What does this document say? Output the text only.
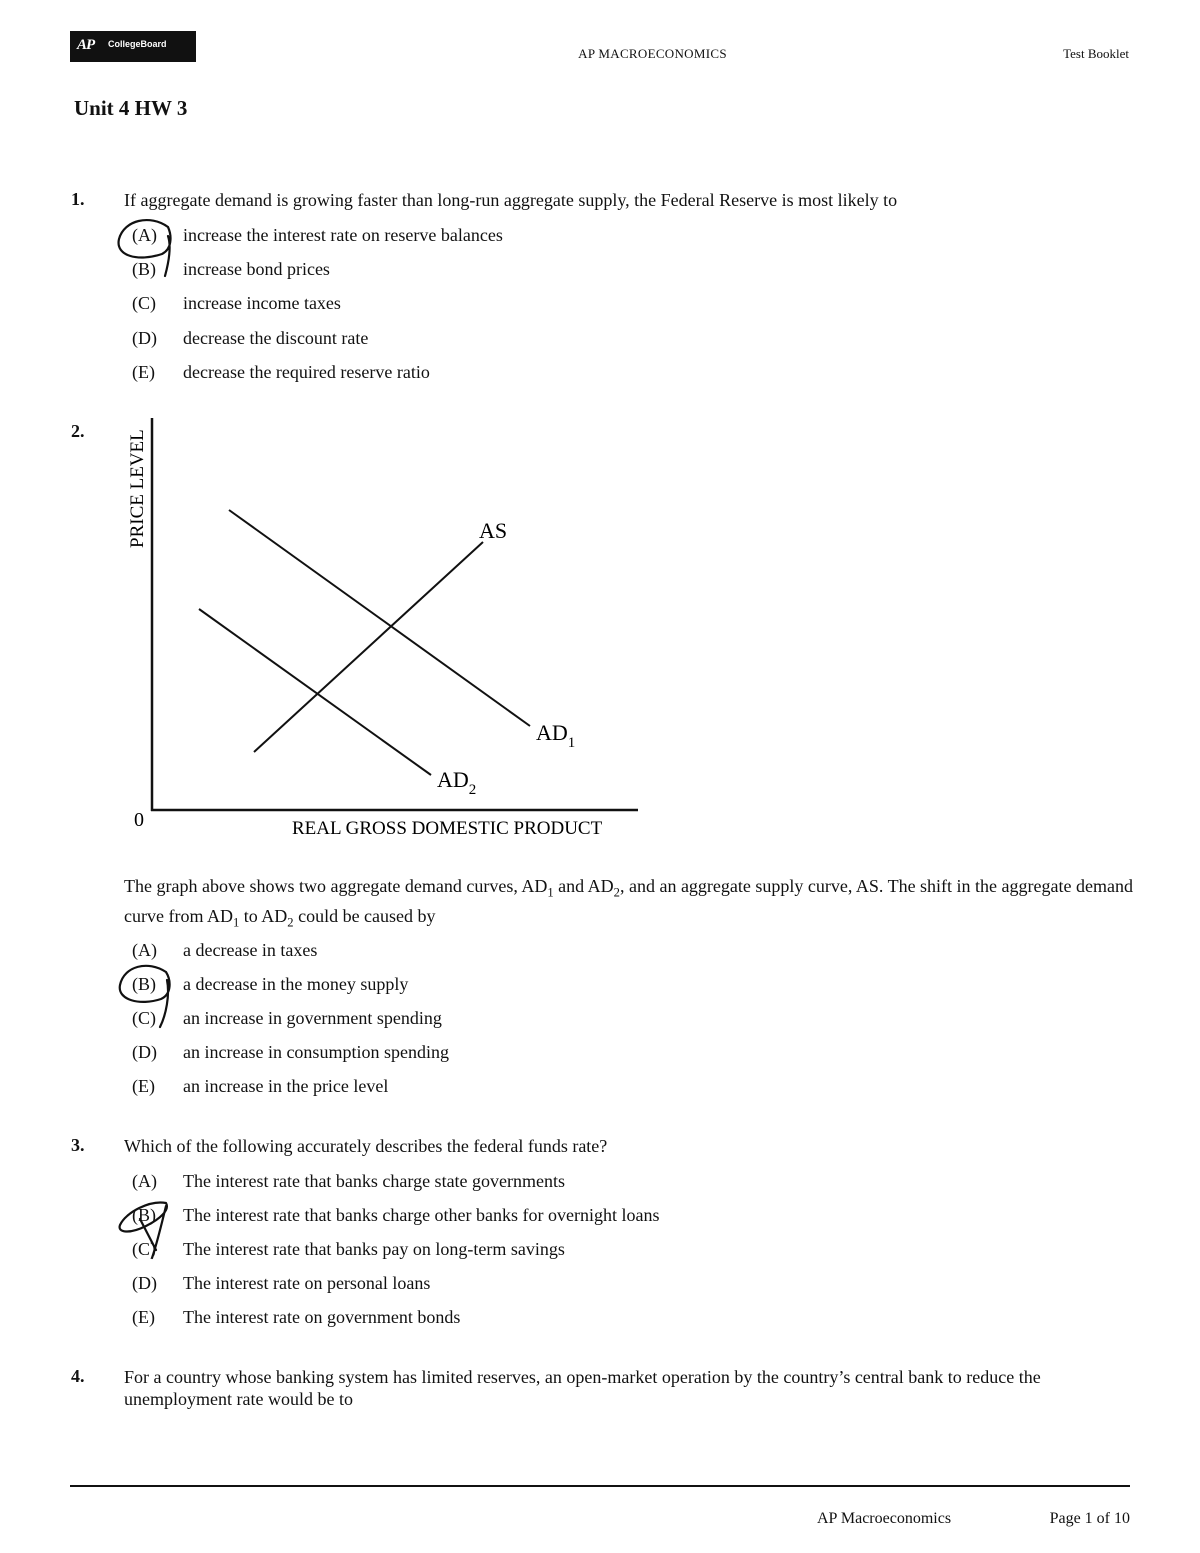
AP CollegeBoard
AP MACROECONOMICS	Test Booklet
Unit 4 HW 3
1. If aggregate demand is growing faster than long-run aggregate supply, the Federal Reserve is most likely to
(A) increase the interest rate on reserve balances
(B) increase bond prices
(C) increase income taxes
(D) decrease the discount rate
(E) decrease the required reserve ratio
2. PRICE LEVEL
REAL GROSS DOMESTIC PRODUCT
0
AS
$AD_1$
$AD_2$
The graph above shows two aggregate demand curves, $AD_1$ and $AD_2$, and an aggregate supply curve, AS. The shift in the aggregate demand curve from $AD_1$ to $AD_2$ could be caused by
(A) a decrease in taxes
(B) a decrease in the money supply
(C) an increase in government spending
(D) an increase in consumption spending
(E) an increase in the price level
3. Which of the following accurately describes the federal funds rate?
(A) The interest rate that banks charge state governments
(B) The interest rate that banks charge other banks for overnight loans
(C) The interest rate that banks pay on long-term savings
(D) The interest rate on personal loans
(E) The interest rate on government bonds
4. For a country whose banking system has limited reserves, an open-market operation by the country’s central bank to reduce the unemployment rate would be to
AP Macroeconomics	Page 1 of 10
